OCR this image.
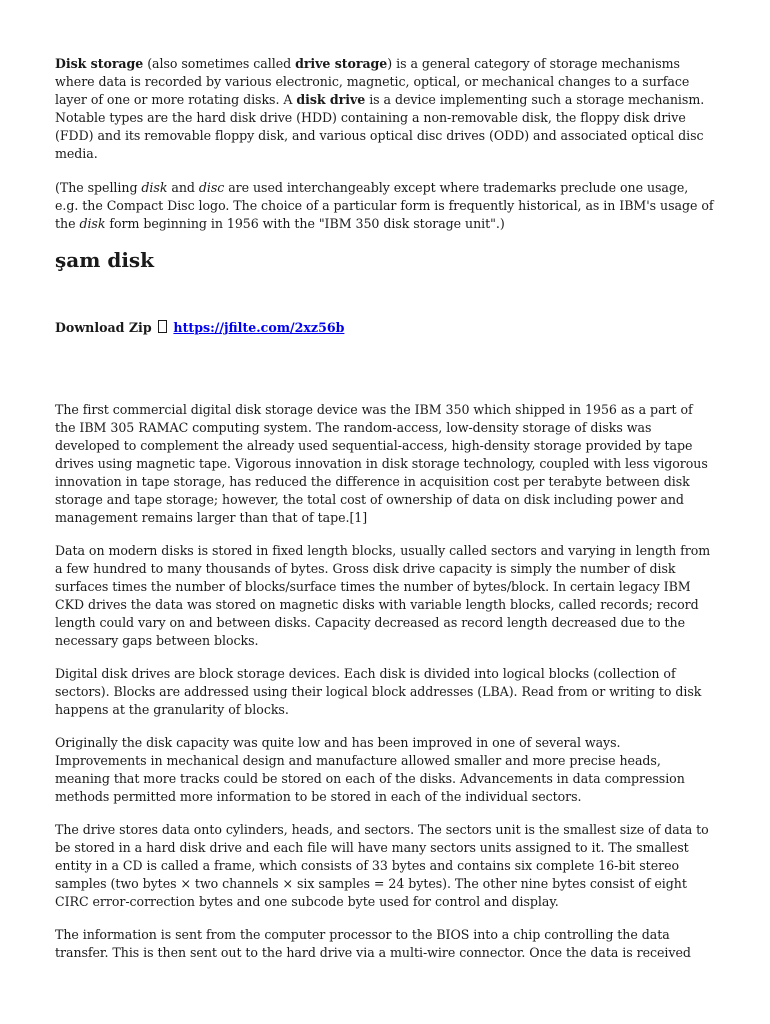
Disk storage (also sometimes called drive storage) is a general category of storage mechanisms where data is recorded by various electronic, magnetic, optical, or mechanical changes to a surface layer of one or more rotating disks. A disk drive is a device implementing such a storage mechanism. Notable types are the hard disk drive (HDD) containing a non-removable disk, the floppy disk drive (FDD) and its removable floppy disk, and various optical disc drives (ODD) and associated optical disc media.

(The spelling disk and disc are used interchangeably except where trademarks preclude one usage, e.g. the Compact Disc logo. The choice of a particular form is frequently historical, as in IBM's usage of the disk form beginning in 1956 with the "IBM 350 disk storage unit".)

şam disk
Download Zip https://jfilte.com/2xz56b

The first commercial digital disk storage device was the IBM 350 which shipped in 1956 as a part of the IBM 305 RAMAC computing system. The random-access, low-density storage of disks was developed to complement the already used sequential-access, high-density storage provided by tape drives using magnetic tape. Vigorous innovation in disk storage technology, coupled with less vigorous innovation in tape storage, has reduced the difference in acquisition cost per terabyte between disk storage and tape storage; however, the total cost of ownership of data on disk including power and management remains larger than that of tape.[1]

Data on modern disks is stored in fixed length blocks, usually called sectors and varying in length from a few hundred to many thousands of bytes. Gross disk drive capacity is simply the number of disk surfaces times the number of blocks/surface times the number of bytes/block. In certain legacy IBM CKD drives the data was stored on magnetic disks with variable length blocks, called records; record length could vary on and between disks. Capacity decreased as record length decreased due to the necessary gaps between blocks.

Digital disk drives are block storage devices. Each disk is divided into logical blocks (collection of sectors). Blocks are addressed using their logical block addresses (LBA). Read from or writing to disk happens at the granularity of blocks.

Originally the disk capacity was quite low and has been improved in one of several ways. Improvements in mechanical design and manufacture allowed smaller and more precise heads, meaning that more tracks could be stored on each of the disks. Advancements in data compression methods permitted more information to be stored in each of the individual sectors.

The drive stores data onto cylinders, heads, and sectors. The sectors unit is the smallest size of data to be stored in a hard disk drive and each file will have many sectors units assigned to it. The smallest entity in a CD is called a frame, which consists of 33 bytes and contains six complete 16-bit stereo samples (two bytes × two channels × six samples = 24 bytes). The other nine bytes consist of eight CIRC error-correction bytes and one subcode byte used for control and display.

The information is sent from the computer processor to the BIOS into a chip controlling the data transfer. This is then sent out to the hard drive via a multi-wire connector. Once the data is received
